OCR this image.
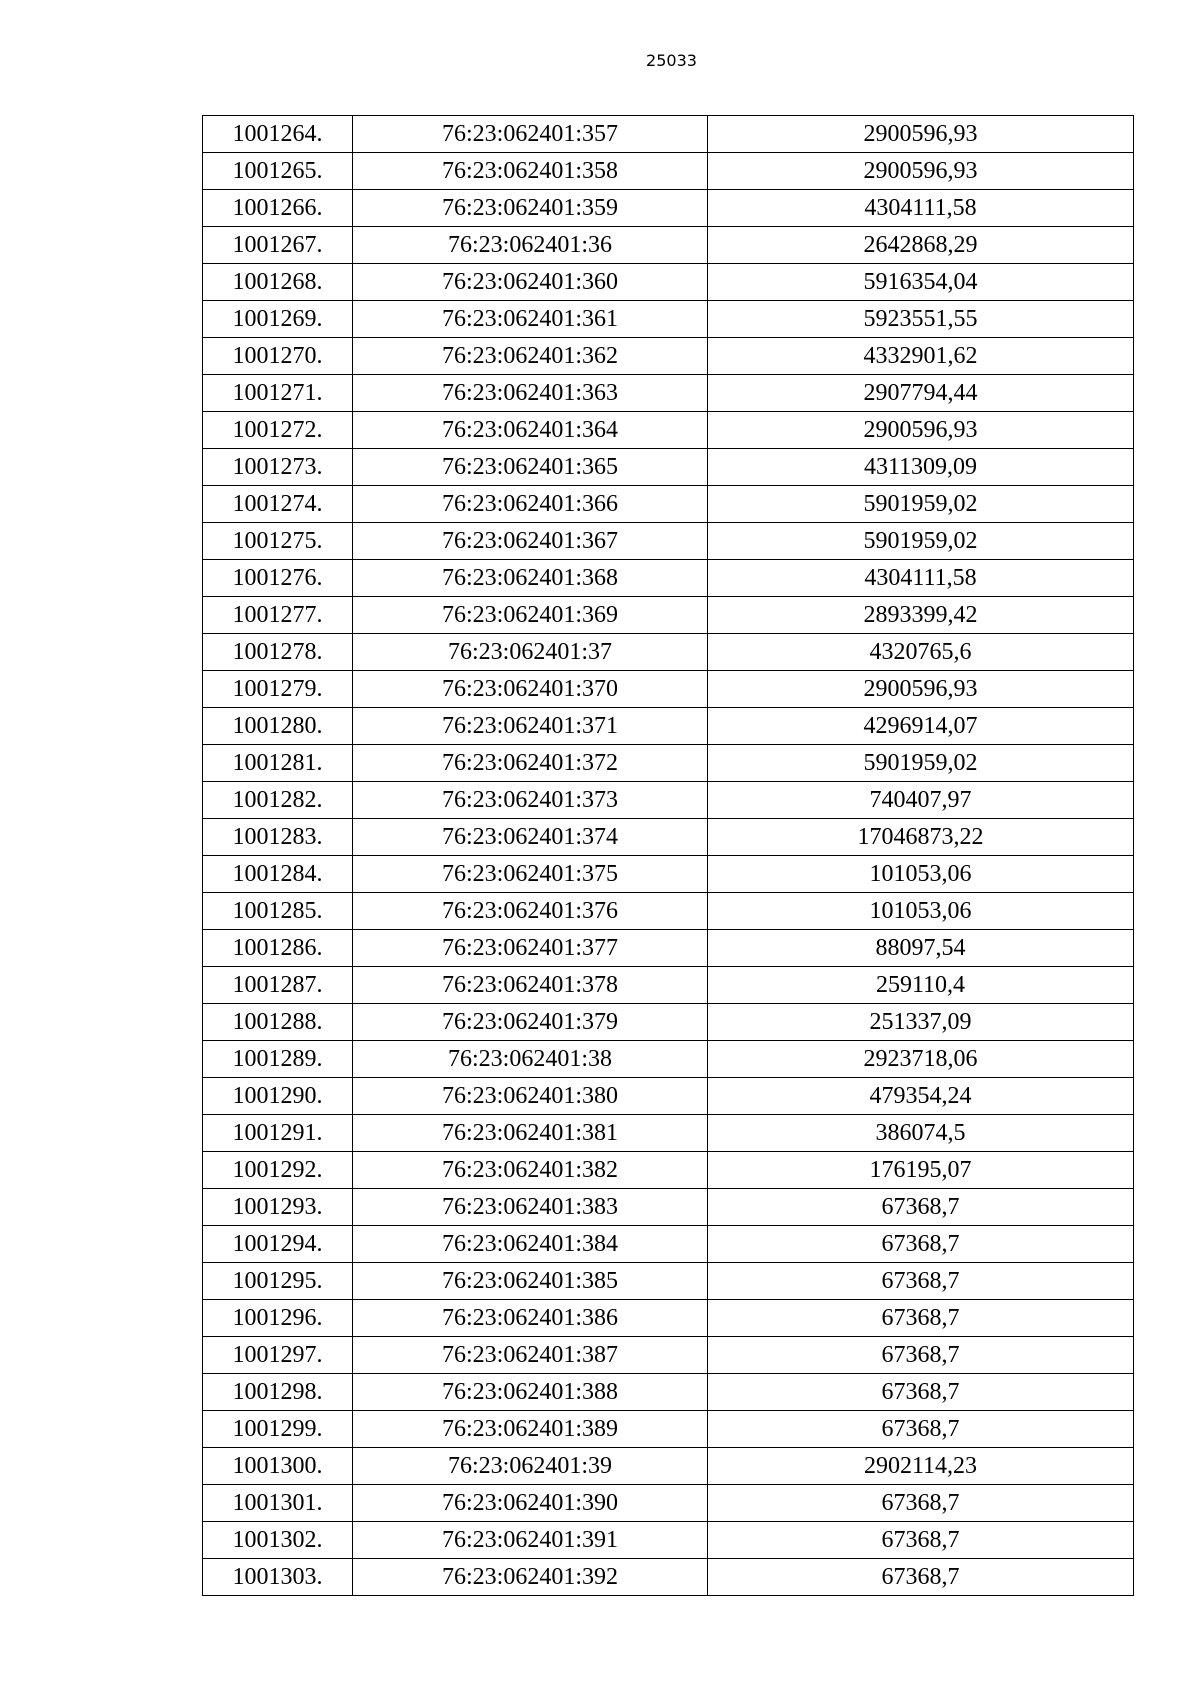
25033
1001264.	76:23:062401:357	2900596,93
1001265.	76:23:062401:358	2900596,93
1001266.	76:23:062401:359	4304111,58
1001267.	76:23:062401:36	2642868,29
1001268.	76:23:062401:360	5916354,04
1001269.	76:23:062401:361	5923551,55
1001270.	76:23:062401:362	4332901,62
1001271.	76:23:062401:363	2907794,44
1001272.	76:23:062401:364	2900596,93
1001273.	76:23:062401:365	4311309,09
1001274.	76:23:062401:366	5901959,02
1001275.	76:23:062401:367	5901959,02
1001276.	76:23:062401:368	4304111,58
1001277.	76:23:062401:369	2893399,42
1001278.	76:23:062401:37	4320765,6
1001279.	76:23:062401:370	2900596,93
1001280.	76:23:062401:371	4296914,07
1001281.	76:23:062401:372	5901959,02
1001282.	76:23:062401:373	740407,97
1001283.	76:23:062401:374	17046873,22
1001284.	76:23:062401:375	101053,06
1001285.	76:23:062401:376	101053,06
1001286.	76:23:062401:377	88097,54
1001287.	76:23:062401:378	259110,4
1001288.	76:23:062401:379	251337,09
1001289.	76:23:062401:38	2923718,06
1001290.	76:23:062401:380	479354,24
1001291.	76:23:062401:381	386074,5
1001292.	76:23:062401:382	176195,07
1001293.	76:23:062401:383	67368,7
1001294.	76:23:062401:384	67368,7
1001295.	76:23:062401:385	67368,7
1001296.	76:23:062401:386	67368,7
1001297.	76:23:062401:387	67368,7
1001298.	76:23:062401:388	67368,7
1001299.	76:23:062401:389	67368,7
1001300.	76:23:062401:39	2902114,23
1001301.	76:23:062401:390	67368,7
1001302.	76:23:062401:391	67368,7
1001303.	76:23:062401:392	67368,7
